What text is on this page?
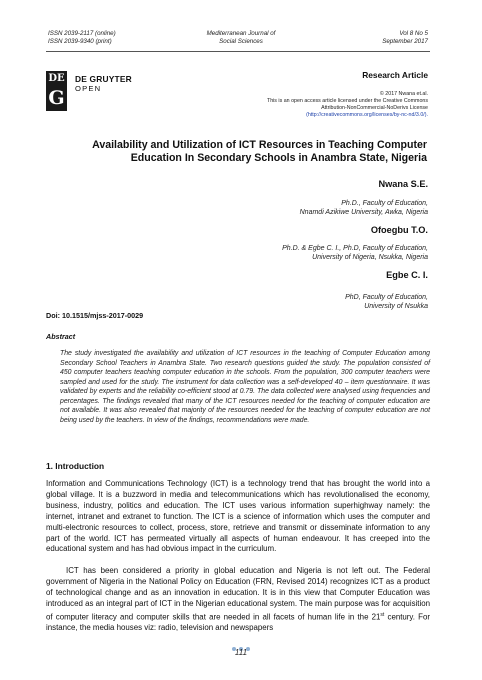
ISSN 2039-2117 (online)
ISSN 2039-9340 (print)
Mediterranean Journal of
Social Sciences
Vol 8 No 5
September 2017
DE
G
DE GRUYTER
OPEN
Research Article
© 2017 Nwana et.al.
This is an open access article licensed under the Creative Commons
Attribution-NonCommercial-NoDerivs License
(http://creativecommons.org/licenses/by-nc-nd/3.0/).
Availability and Utilization of ICT Resources in Teaching Computer
Education In Secondary Schools in Anambra State, Nigeria
Nwana S.E.
Ph.D., Faculty of Education,
Nnamdi Azikiwe University, Awka, Nigeria
Ofoegbu T.O.
Ph.D. & Egbe C. I., Ph.D, Faculty of Education,
University of Nigeria, Nsukka, Nigeria
Egbe C. I.
PhD, Faculty of Education,
University of Nsukka
Doi: 10.1515/mjss-2017-0029
Abstract
The study investigated the availability and utilization of ICT resources in the teaching of Computer Education among Secondary School Teachers in Anambra State. Two research questions guided the study. The population consisted of 450 computer teachers teaching computer education in the schools. From the population, 300 computer teachers were sampled and used for the study. The instrument for data collection was a self-developed 40 – item questionnaire. It was validated by experts and the reliability co-efficient stood at 0.79. The data collected were analysed using frequencies and percentages. The findings revealed that many of the ICT resources needed for the teaching of computer education are not available. It was also revealed that majority of the resources needed for the teaching of computer education are not being used by the teachers. In view of the findings, recommendations were made.
1. Introduction
Information and Communications Technology (ICT) is a technology trend that has brought the world into a global village. It is a buzzword in media and telecommunications which has revolutionalised the economy, business, industry, politics and education. The ICT uses various information superhighway namely: the internet, intranet and extranet to function. The ICT is a science of information which uses the computer and multi-electronic resources to collect, process, store, retrieve and transmit or disseminate information to any part of the world. ICT has permeated virtually all aspects of human endeavour. It has creeped into the educational system and has had obvious impact in the curriculum.
ICT has been considered a priority in global education and Nigeria is not left out. The Federal government of Nigeria in the National Policy on Education (FRN, Revised 2014) recognizes ICT as a product of technological change and as an innovation in education. It is in this view that Computer Education was introduced as an integral part of ICT in the Nigerian educational system. The main purpose was for acquisition of computer literacy and computer skills that are needed in all facets of human life in the 21st century. For instance, the media houses viz: radio, television and newspapers
111
